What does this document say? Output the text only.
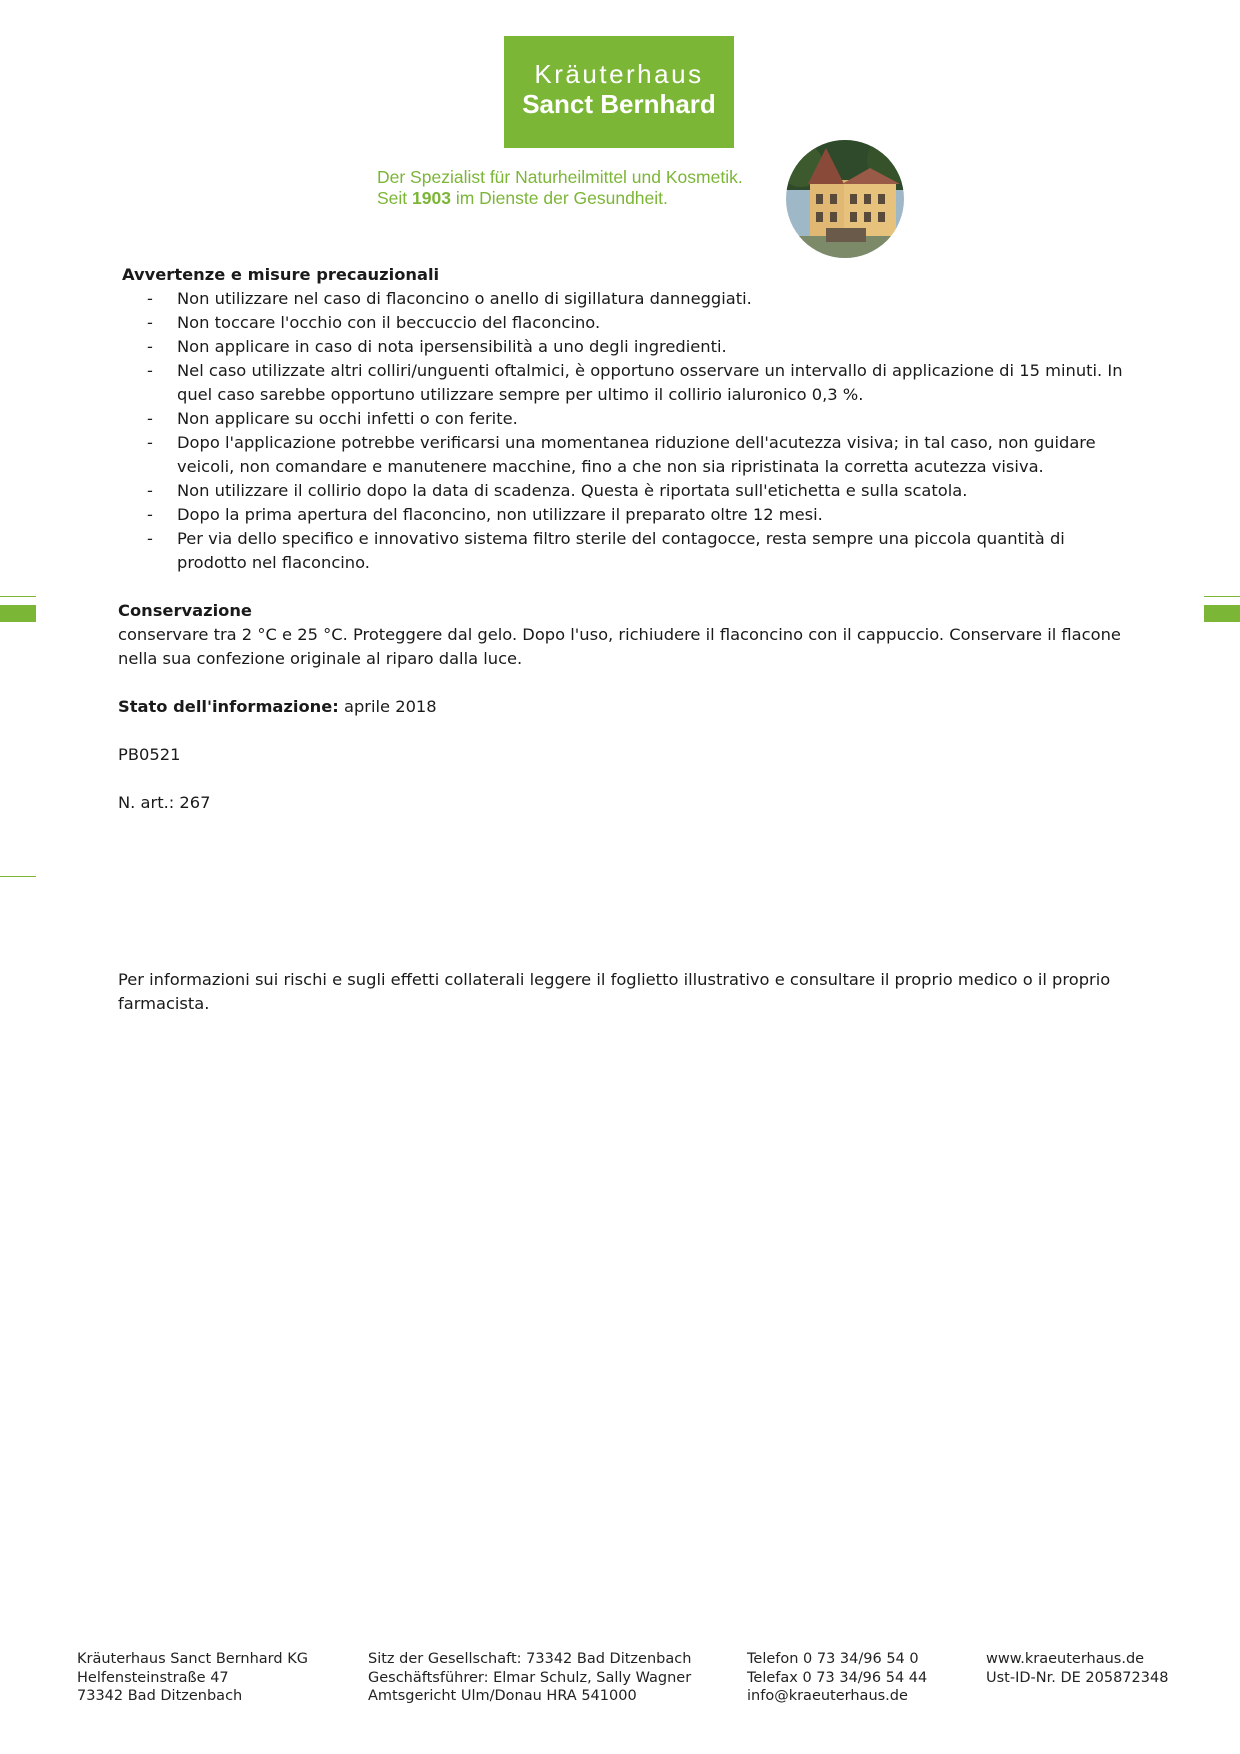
Kräuterhaus
Sanct Bernhard
Der Spezialist für Naturheilmittel und Kosmetik.
Seit 1903 im Dienste der Gesundheit.
Avvertenze e misure precauzionali
- Non utilizzare nel caso di flaconcino o anello di sigillatura danneggiati.
- Non toccare l'occhio con il beccuccio del flaconcino.
- Non applicare in caso di nota ipersensibilità a uno degli ingredienti.
- Nel caso utilizzate altri colliri/unguenti oftalmici, è opportuno osservare un intervallo di applicazione di 15 minuti. In quel caso sarebbe opportuno utilizzare sempre per ultimo il collirio ialuronico 0,3 %.
- Non applicare su occhi infetti o con ferite.
- Dopo l'applicazione potrebbe verificarsi una momentanea riduzione dell'acutezza visiva; in tal caso, non guidare veicoli, non comandare e manutenere macchine, fino a che non sia ripristinata la corretta acutezza visiva.
- Non utilizzare il collirio dopo la data di scadenza. Questa è riportata sull'etichetta e sulla scatola.
- Dopo la prima apertura del flaconcino, non utilizzare il preparato oltre 12 mesi.
- Per via dello specifico e innovativo sistema filtro sterile del contagocce, resta sempre una piccola quantità di prodotto nel flaconcino.
Conservazione
conservare tra 2 °C e 25 °C. Proteggere dal gelo. Dopo l'uso, richiudere il flaconcino con il cappuccio. Conservare il flacone nella sua confezione originale al riparo dalla luce.
Stato dell'informazione: aprile 2018
PB0521
N. art.: 267
Per informazioni sui rischi e sugli effetti collaterali leggere il foglietto illustrativo e consultare il proprio medico o il proprio farmacista.
Kräuterhaus Sanct Bernhard KG
Helfensteinstraße 47
73342 Bad Ditzenbach
Sitz der Gesellschaft: 73342 Bad Ditzenbach
Geschäftsführer: Elmar Schulz, Sally Wagner
Amtsgericht Ulm/Donau HRA 541000
Telefon 0 73 34/96 54 0
Telefax 0 73 34/96 54 44
info@kraeuterhaus.de
www.kraeuterhaus.de
Ust-ID-Nr. DE 205872348
